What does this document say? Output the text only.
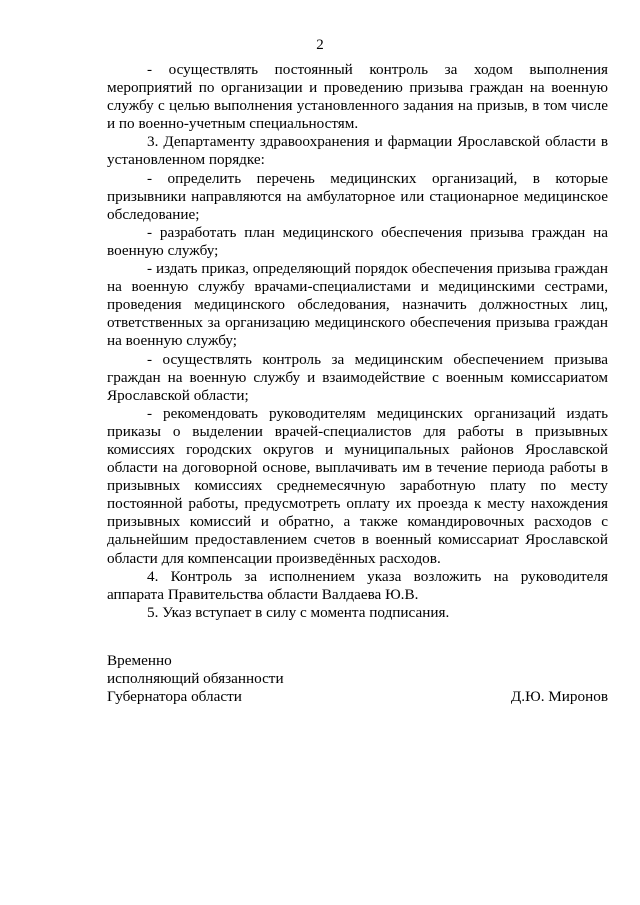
2

- осуществлять постоянный контроль за ходом выполнения мероприятий по организации и проведению призыва граждан на военную службу с целью выполнения установленного задания на призыв, в том числе и по военно-учетным специальностям.

3. Департаменту здравоохранения и фармации Ярославской области в установленном порядке:

- определить перечень медицинских организаций, в которые призывники направляются на амбулаторное или стационарное медицинское обследование;

- разработать план медицинского обеспечения призыва граждан на военную службу;

- издать приказ, определяющий порядок обеспечения призыва граждан на военную службу врачами-специалистами и медицинскими сестрами, проведения медицинского обследования, назначить должностных лиц, ответственных за организацию медицинского обеспечения призыва граждан на военную службу;

- осуществлять контроль за медицинским обеспечением призыва граждан на военную службу и взаимодействие с военным комиссариатом Ярославской области;

- рекомендовать руководителям медицинских организаций издать приказы о выделении врачей-специалистов для работы в призывных комиссиях городских округов и муниципальных районов Ярославской области на договорной основе, выплачивать им в течение периода работы в призывных комиссиях среднемесячную заработную плату по месту постоянной работы, предусмотреть оплату их проезда к месту нахождения призывных комиссий и обратно, а также командировочных расходов с дальнейшим предоставлением счетов в военный комиссариат Ярославской области для компенсации произведённых расходов.

4. Контроль за исполнением указа возложить на руководителя аппарата Правительства области Валдаева Ю.В.

5. Указ вступает в силу с момента подписания.

Временно
исполняющий обязанности
Губернатора области	Д.Ю. Миронов
